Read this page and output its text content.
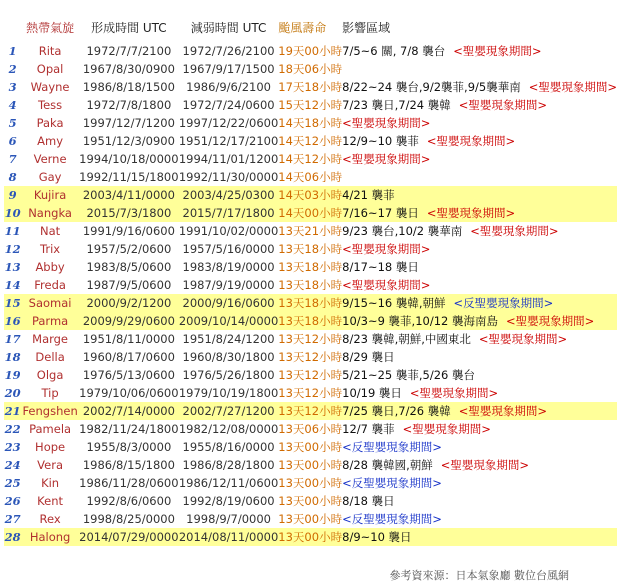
	熱帶氣旋	形成時間 UTC	減弱時間 UTC	颱風壽命	影響區域
1	Rita	1972/7/7/2100	1972/7/26/2100	19天00小時	7/5~6 關, 7/8 襲台 <聖嬰現象期間>
2	Opal	1967/8/30/0900	1967/9/17/1500	18天06小時	
3	Wayne	1986/8/18/1500	1986/9/6/2100	17天18小時	8/22~24 襲台,9/2襲菲,9/5襲華南 <聖嬰現象期間>
4	Tess	1972/7/8/1800	1972/7/24/0600	15天12小時	7/23 襲日,7/24 襲韓 <聖嬰現象期間>
5	Paka	1997/12/7/1200	1997/12/22/0600	14天18小時	<聖嬰現象期間>
6	Amy	1951/12/3/0900	1951/12/17/2100	14天12小時	12/9~10 襲菲 <聖嬰現象期間>
7	Verne	1994/10/18/0000	1994/11/01/1200	14天12小時	<聖嬰現象期間>
8	Gay	1992/11/15/1800	1992/11/30/0000	14天06小時	
9	Kujira	2003/4/11/0000	2003/4/25/0300	14天03小時	4/21 襲菲
10	Nangka	2015/7/3/1800	2015/7/17/1800	14天00小時	7/16~17 襲日 <聖嬰現象期間>
11	Nat	1991/9/16/0600	1991/10/02/0000	13天21小時	9/23 襲台,10/2 襲華南 <聖嬰現象期間>
12	Trix	1957/5/2/0600	1957/5/16/0000	13天18小時	<聖嬰現象期間>
13	Abby	1983/8/5/0600	1983/8/19/0000	13天18小時	8/17~18 襲日
14	Freda	1987/9/5/0600	1987/9/19/0000	13天18小時	<聖嬰現象期間>
15	Saomai	2000/9/2/1200	2000/9/16/0600	13天18小時	9/15~16 襲韓,朝鮮 <反聖嬰現象期間>
16	Parma	2009/9/29/0600	2009/10/14/0000	13天18小時	10/3~9 襲菲,10/12 襲海南島 <聖嬰現象期間>
17	Marge	1951/8/11/0000	1951/8/24/1200	13天12小時	8/23 襲韓,朝鮮,中國東北 <聖嬰現象期間>
18	Della	1960/8/17/0600	1960/8/30/1800	13天12小時	8/29 襲日
19	Olga	1976/5/13/0600	1976/5/26/1800	13天12小時	5/21~25 襲菲,5/26 襲台
20	Tip	1979/10/06/0600	1979/10/19/1800	13天12小時	10/19 襲日 <聖嬰現象期間>
21	Fengshen	2002/7/14/0000	2002/7/27/1200	13天12小時	7/25 襲日,7/26 襲韓 <聖嬰現象期間>
22	Pamela	1982/11/24/1800	1982/12/08/0000	13天06小時	12/7 襲菲 <聖嬰現象期間>
23	Hope	1955/8/3/0000	1955/8/16/0000	13天00小時	<反聖嬰現象期間>
24	Vera	1986/8/15/1800	1986/8/28/1800	13天00小時	8/28 襲韓國,朝鮮 <聖嬰現象期間>
25	Kin	1986/11/28/0600	1986/12/11/0600	13天00小時	<反聖嬰現象期間>
26	Kent	1992/8/6/0600	1992/8/19/0600	13天00小時	8/18 襲日
27	Rex	1998/8/25/0000	1998/9/7/0000	13天00小時	<反聖嬰現象期間>
28	Halong	2014/07/29/0000	2014/08/11/0000	13天00小時	8/9~10 襲日
參考資來源：日本氣象廳 數位台風網
